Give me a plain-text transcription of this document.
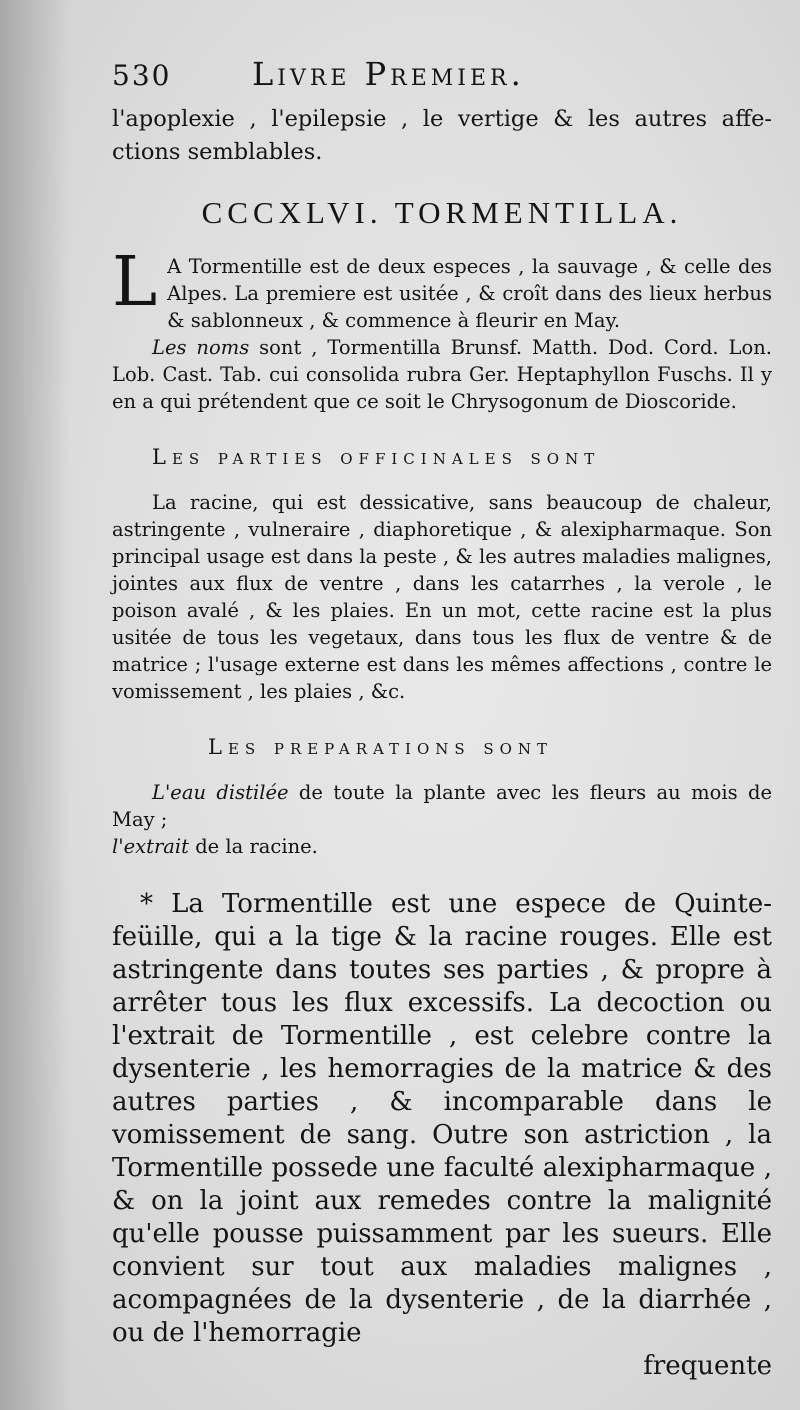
530	Livre Premier.

l'apoplexie , l'epilepsie , le vertige & les autres affe-ctions semblables.

CCCXLVI. TORMENTILLA.

L A Tormentille est de deux especes , la sauvage , & celle des Alpes. La premiere est usitée , & croît dans des lieux herbus & sablonneux , & commence à fleurir en May.

Les noms sont , Tormentilla Brunsf. Matth. Dod. Cord. Lon. Lob. Cast. Tab. cui consolida rubra Ger. Heptaphyllon Fuschs. Il y en a qui prétendent que ce soit le Chrysogonum de Dioscoride.

Les parties officinales sont

La racine, qui est dessicative, sans beaucoup de chaleur, astringente , vulneraire , diaphoretique , & alexipharmaque. Son principal usage est dans la peste , & les autres maladies malignes, jointes aux flux de ventre , dans les catarrhes , la verole , le poison avalé , & les plaies. En un mot, cette racine est la plus usitée de tous les vegetaux, dans tous les flux de ventre & de matrice ; l'usage externe est dans les mêmes affections , contre le vomissement , les plaies , &c.

Les preparations sont

L'eau distilée de toute la plante avec les fleurs au mois de May ;
l'extrait de la racine.

* La Tormentille est une espece de Quinte-feüille, qui a la tige & la racine rouges. Elle est astringente dans toutes ses parties , & propre à arrêter tous les flux excessifs. La decoction ou l'extrait de Tormentille , est celebre contre la dysenterie , les hemorragies de la matrice & des autres parties , & incomparable dans le vomissement de sang. Outre son astriction , la Tormentille possede une faculté alexipharmaque , & on la joint aux remedes contre la malignité qu'elle pousse puissamment par les sueurs. Elle convient sur tout aux maladies malignes , acompagnées de la dysenterie , de la diarrhée , ou de l'hemorragie

frequente
